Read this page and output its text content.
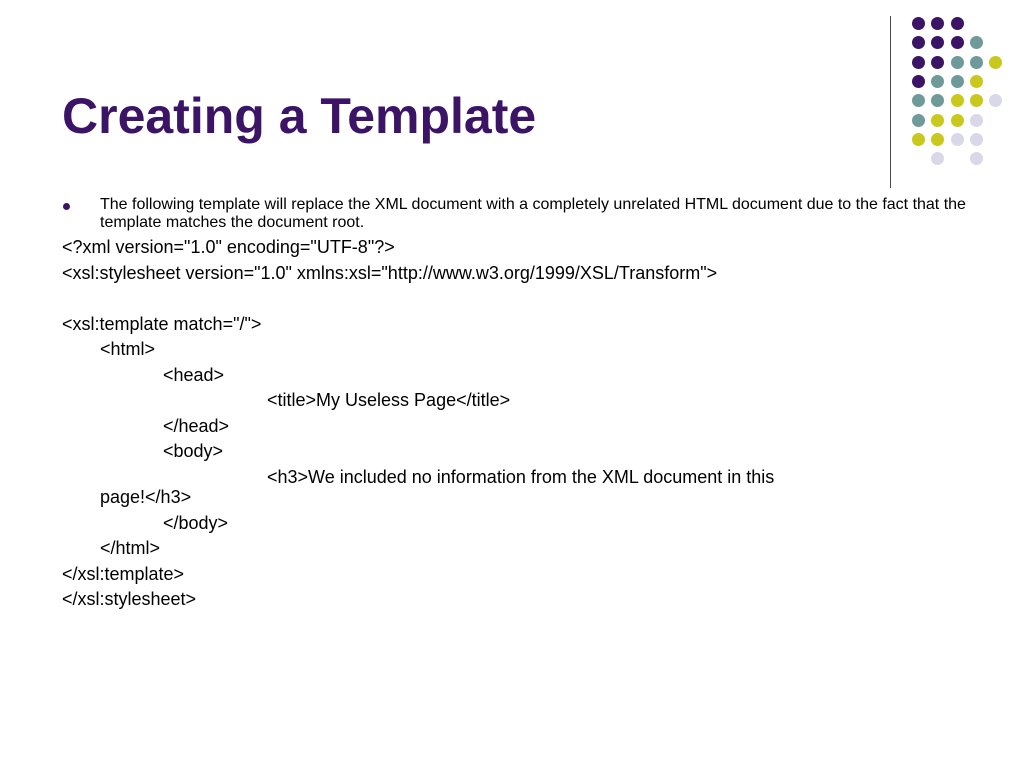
Creating a Template

The following template will replace the XML document with a completely unrelated HTML document due to the fact that the template matches the document root.

<?xml version="1.0" encoding="UTF-8"?>

<xsl:stylesheet version="1.0" xmlns:xsl="http://www.w3.org/1999/XSL/Transform">

<xsl:template match="/">

<html>

<head>

<title>My Useless Page</title>

</head>

<body>

<h3>We included no information from the XML document in this

page!</h3>

</body>

</html>

</xsl:template>

</xsl:stylesheet>
